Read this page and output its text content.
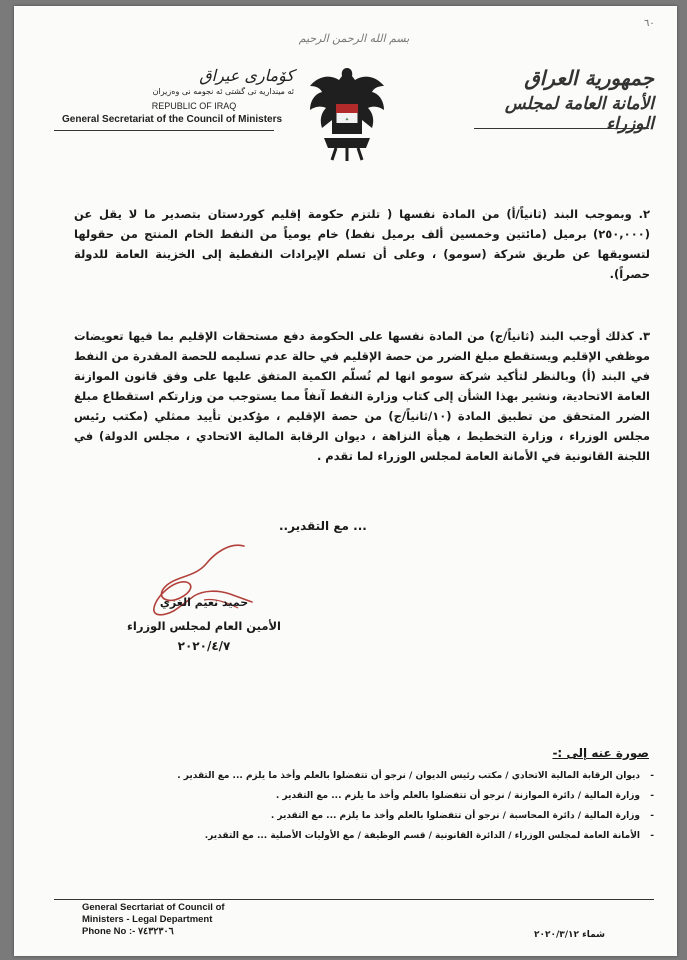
٦٠
بسم الله الرحمن الرحيم
كۆمارى عيراق
ئه مینداریه تی گشتی ئه نجومه نی وەزیران
REPUBLIC OF IRAQ
General Secretariat of the Council of Ministers	✦
جمهورية العراق
الأمانة العامة لمجلس الوزراء

٢. وبموجب البند (ثانياً/أ) من المادة نفسها ( تلتزم حكومة إقليم كوردستان بتصدير ما لا يقل عن (٢٥٠,٠٠٠) برميل (مائتين وخمسين ألف برميل نفط) خام يومياً من النفط الخام المنتج من حقولها لتسويقها عن طريق شركة (سومو) ، وعلى أن تسلم الإيرادات النفطية إلى الخزينة العامة للدولة حصراً).

٣. كذلك أوجب البند (ثانياً/ج) من المادة نفسها على الحكومة دفع مستحقات الإقليم بما فيها تعويضات موظفي الإقليم ويستقطع مبلغ الضرر من حصة الإقليم في حالة عدم تسليمه للحصة المقدرة من النفط في البند (أ) وبالنظر لتأكيد شركة سومو انها لم تُسلّم الكمية المتفق عليها على وفق قانون الموازنة العامة الاتحادية، ونشير بهذا الشأن إلى كتاب وزارة النفط آنفاً مما يستوجب من وزارتكم استقطاع مبلغ الضرر المتحقق من تطبيق المادة (١٠/ثانياً/ج) من حصة الإقليم ، مؤكدين تأييد ممثلي (مكتب رئيس مجلس الوزراء ، وزارة التخطيط ، هيأة النزاهة ، ديوان الرقابة المالية الاتحادي ، مجلس الدولة) في اللجنة القانونية في الأمانة العامة لمجلس الوزراء لما تقدم .

... مع التقدير..
حميد نعيم الغزي
الأمين العام لمجلس الوزراء
٢٠٢٠/٤/٧
صورة عنه إلى :-
- ديوان الرقابة المالية الاتحادي / مكتب رئيس الديوان / نرجو أن تتفضلوا بالعلم وأخذ ما يلزم ... مع التقدير .
- وزارة المالية / دائرة الموازنة / نرجو أن تتفضلوا بالعلم وأخذ ما يلزم ... مع التقدير .
- وزارة المالية / دائرة المحاسبة / نرجو أن تتفضلوا بالعلم وأخذ ما يلزم ... مع التقدير .
- الأمانة العامة لمجلس الوزراء / الدائرة القانونية / قسم الوظيفة / مع الأوليات الأصلية ... مع التقدير.
General Secrtariat of Council of
Ministers - Legal Department
Phone No :- ٧٤٣٢٣٠٦	شماء ٢٠٢٠/٣/١٢
